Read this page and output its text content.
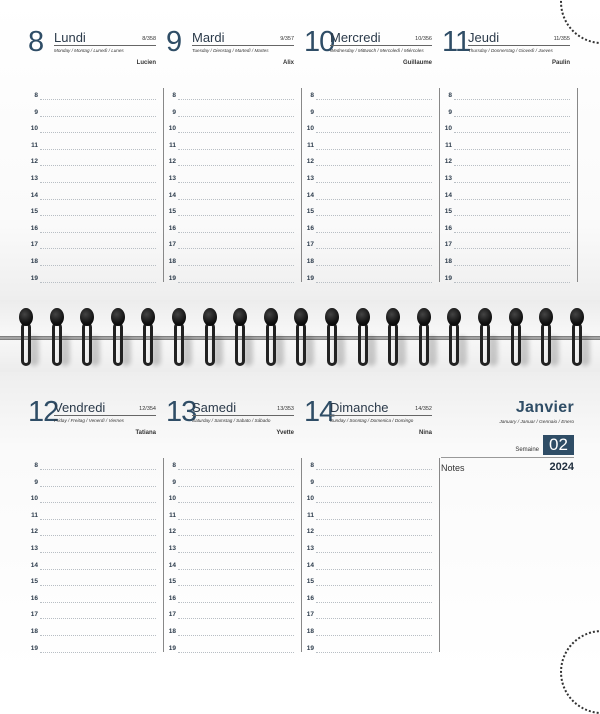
8 Lundi	8/358
Monday / Montag / Lunedì / Lunes
Lucien
8
9
10
11
12
13
14
15
16
17
18
19
9 Mardi	9/357
Tuesday / Dienstag / Martedì / Martes
Alix
8
9
10
11
12
13
14
15
16
17
18
19
10
Mercredi	10/356
Wednesday / Mittwoch / Mercoledì / Miércoles
Guillaume
8
9
10
11
12
13
14
15
16
17
18
19
11
Jeudi	11/355
Thursday / Donnerstag / Giovedì / Jueves
Paulin
8
9
10
11
12
13
14
15
16
17
18
19
12
Vendredi	12/354
Friday / Freitag / Venerdì / Viernes
Tatiana
8
9
10
11
12
13
14
15
16
17
18
19
13
Samedi	13/353
Saturday / Samstag / Sabato / Sábado
Yvette
8
9
10
11
12
13
14
15
16
17
18
19
14
Dimanche	14/352
Sunday / Sonntag / Domenica / Domingo
Nina
8
9
10
11
12
13
14
15
16
17
18
19
Janvier
January / Januar / Gennaio / Enero
Semaine 02
Notes	2024
